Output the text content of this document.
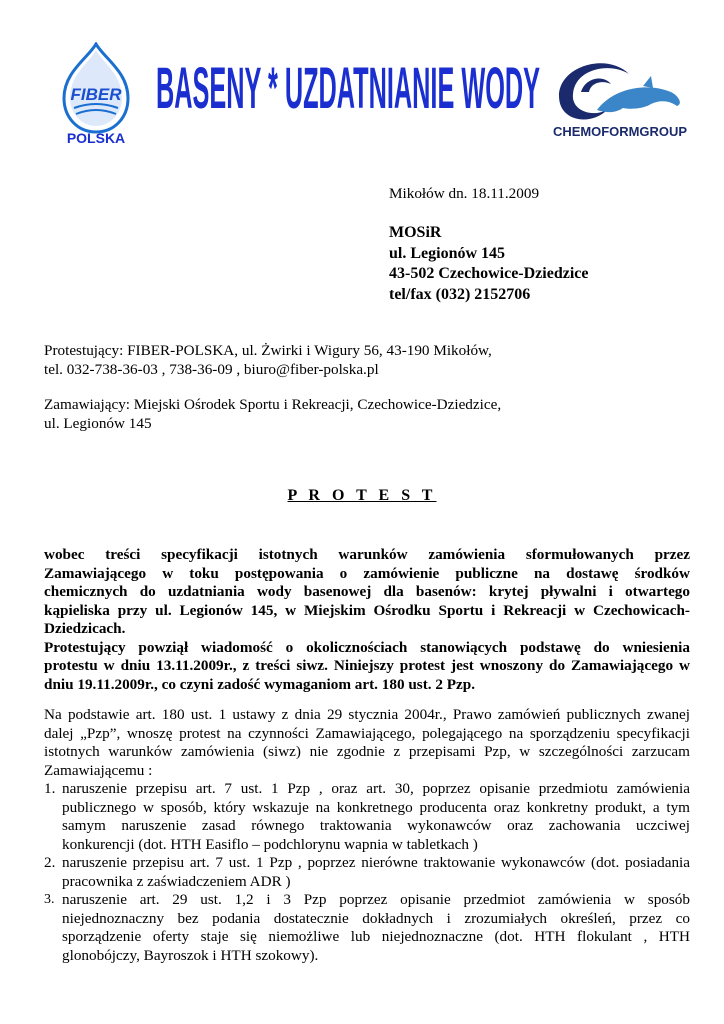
FIBER
POLSKA
BASENY * UZDATNIANIE WODY
CHEMOFORMGROUP
Mikołów dn. 18.11.2009
MOSiR
ul. Legionów 145
43-502 Czechowice-Dziedzice
tel/fax (032) 2152706
Protestujący: FIBER-POLSKA, ul. Żwirki i Wigury 56, 43-190 Mikołów,
tel. 032-738-36-03 , 738-36-09 , biuro@fiber-polska.pl
Zamawiający: Miejski Ośrodek Sportu i Rekreacji, Czechowice-Dziedzice,
ul. Legionów 145
P R O T E S T
wobec treści specyfikacji istotnych warunków zamówienia sformułowanych przez
Zamawiającego w toku postępowania o zamówienie publiczne na dostawę środków
chemicznych do uzdatniania wody basenowej dla basenów: krytej pływalni i otwartego
kąpieliska przy ul. Legionów 145, w Miejskim Ośrodku Sportu i Rekreacji w Czechowicach-
Dziedzicach.
Protestujący powziął wiadomość o okolicznościach stanowiących podstawę do wniesienia
protestu w dniu 13.11.2009r., z treści siwz. Niniejszy protest jest wnoszony do Zamawiającego w
dniu 19.11.2009r., co czyni zadość wymaganiom art. 180 ust. 2 Pzp.
Na podstawie art. 180 ust. 1 ustawy z dnia 29 stycznia 2004r., Prawo zamówień publicznych zwanej
dalej „Pzp”, wnoszę protest na czynności Zamawiającego, polegającego na sporządzeniu specyfikacji
istotnych warunków zamówienia (siwz) nie zgodnie z przepisami Pzp, w szczególności zarzucam
Zamawiającemu :
1. naruszenie przepisu art. 7 ust. 1 Pzp , oraz art. 30, poprzez opisanie przedmiotu zamówienia
publicznego w sposób, który wskazuje na konkretnego producenta oraz konkretny produkt, a tym
samym naruszenie zasad równego traktowania wykonawców oraz zachowania uczciwej
konkurencji (dot. HTH Easiflo – podchlorynu wapnia w tabletkach )
2. naruszenie przepisu art. 7 ust. 1 Pzp , poprzez nierówne traktowanie wykonawców (dot. posiadania
pracownika z zaświadczeniem ADR )
3. naruszenie art. 29 ust. 1,2 i 3 Pzp poprzez opisanie przedmiot zamówienia w sposób
niejednoznaczny bez podania dostatecznie dokładnych i zrozumiałych określeń, przez co
sporządzenie oferty staje się niemożliwe lub niejednoznaczne (dot. HTH flokulant , HTH
glonobójczy, Bayroszok i HTH szokowy).
